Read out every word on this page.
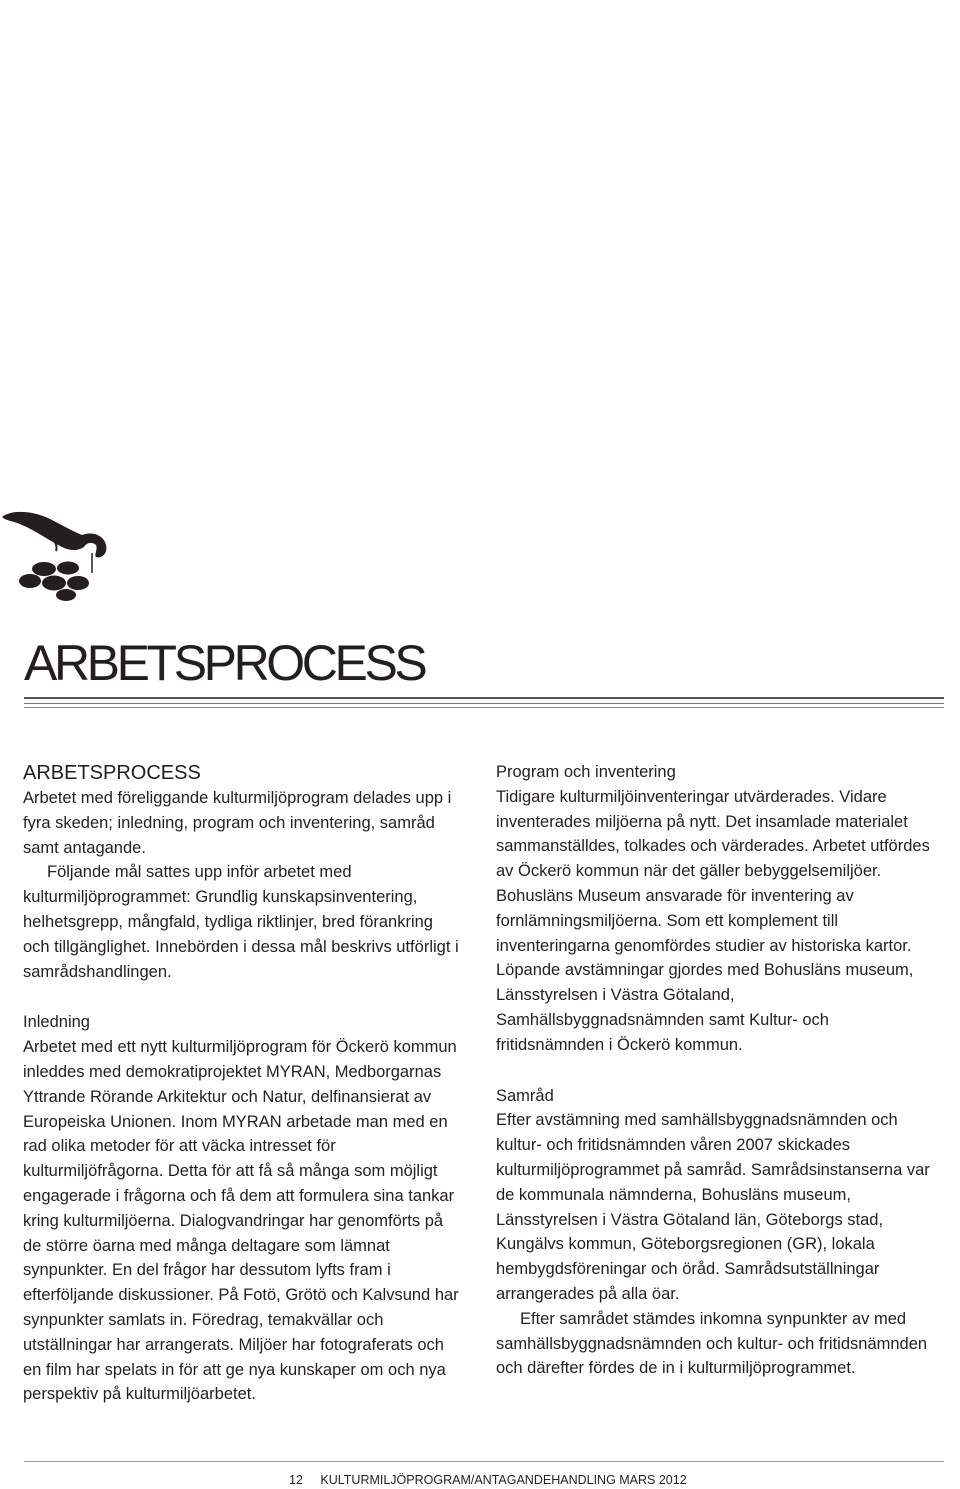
ARBETSPROCESS
ARBETSPROCESS

Arbetet med föreliggande kulturmiljöprogram delades upp i fyra skeden; inledning, program och inventering, samråd samt antagande.

Följande mål sattes upp inför arbetet med kulturmiljöprogrammet: Grundlig kunskapsinventering, helhetsgrepp, mångfald, tydliga riktlinjer, bred förankring och tillgänglighet. Innebörden i dessa mål beskrivs utförligt i samrådshandlingen.

Inledning

Arbetet med ett nytt kulturmiljöprogram för Öckerö kommun inleddes med demokratiprojektet MYRAN, Medborgarnas Yttrande Rörande Arkitektur och Natur, delfinansierat av Europeiska Unionen. Inom MYRAN arbetade man med en rad olika metoder för att väcka intresset för kulturmiljöfrågorna. Detta för att få så många som möjligt engagerade i frågorna och få dem att formulera sina tankar kring kulturmiljöerna. Dialogvandringar har genomförts på de större öarna med många deltagare som lämnat synpunkter. En del frågor har dessutom lyfts fram i efterföljande diskussioner. På Fotö, Grötö och Kalvsund har synpunkter samlats in. Föredrag, temakvällar och utställningar har arrangerats. Miljöer har fotograferats och en film har spelats in för att ge nya kunskaper om och nya perspektiv på kulturmiljöarbetet.

Program och inventering

Tidigare kulturmiljöinventeringar utvärderades. Vidare inventerades miljöerna på nytt. Det insamlade materialet sammanställdes, tolkades och värderades. Arbetet utfördes av Öckerö kommun när det gäller bebyggelsemiljöer. Bohusläns Museum ansvarade för inventering av fornlämningsmiljöerna. Som ett komplement till inventeringarna genomfördes studier av historiska kartor. Löpande avstämningar gjordes med Bohusläns museum, Länsstyrelsen i Västra Götaland, Samhällsbyggnadsnämnden samt Kultur- och fritidsnämnden i Öckerö kommun.

Samråd

Efter avstämning med samhällsbyggnadsnämnden och kultur- och fritidsnämnden våren 2007 skickades kulturmiljöprogrammet på samråd. Samrådsinstanserna var de kommunala nämnderna, Bohusläns museum, Länsstyrelsen i Västra Götaland län, Göteborgs stad, Kungälvs kommun, Göteborgsregionen (GR), lokala hembygdsföreningar och öråd. Samrådsutställningar arrangerades på alla öar.

Efter samrådet stämdes inkomna synpunkter av med samhällsbyggnadsnämnden och kultur- och fritidsnämnden och därefter fördes de in i kulturmiljöprogrammet.

12 KULTURMILJÖPROGRAM/ANTAGANDEHANDLING MARS 2012
